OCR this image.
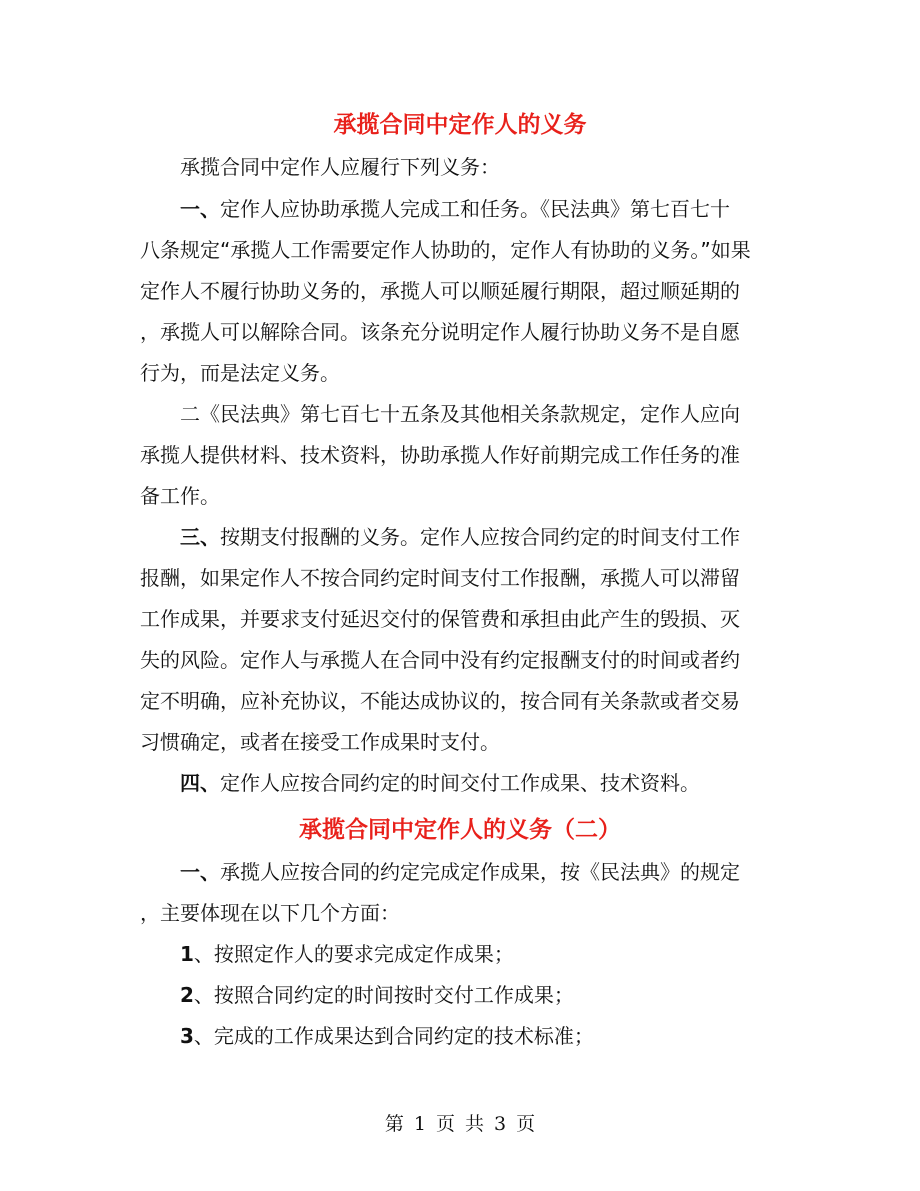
承揽合同中定作人的义务
承揽合同中定作人应履行下列义务：
一、定作人应协助承揽人完成工和任务。《民法典》第七百七十
八条规定“承揽人工作需要定作人协助的，定作人有协助的义务。”如果
定作人不履行协助义务的，承揽人可以顺延履行期限，超过顺延期的
，承揽人可以解除合同。该条充分说明定作人履行协助义务不是自愿
行为，而是法定义务。
二《民法典》第七百七十五条及其他相关条款规定，定作人应向
承揽人提供材料、技术资料，协助承揽人作好前期完成工作任务的准
备工作。
三、按期支付报酬的义务。定作人应按合同约定的时间支付工作
报酬，如果定作人不按合同约定时间支付工作报酬，承揽人可以滞留
工作成果，并要求支付延迟交付的保管费和承担由此产生的毁损、灭
失的风险。定作人与承揽人在合同中没有约定报酬支付的时间或者约
定不明确，应补充协议，不能达成协议的，按合同有关条款或者交易
习惯确定，或者在接受工作成果时支付。
四、定作人应按合同约定的时间交付工作成果、技术资料。
承揽合同中定作人的义务（二）
一、承揽人应按合同的约定完成定作成果，按《民法典》的规定
，主要体现在以下几个方面：
1、按照定作人的要求完成定作成果；
2、按照合同约定的时间按时交付工作成果；
3、完成的工作成果达到合同约定的技术标准；
第 1 页 共 3 页
